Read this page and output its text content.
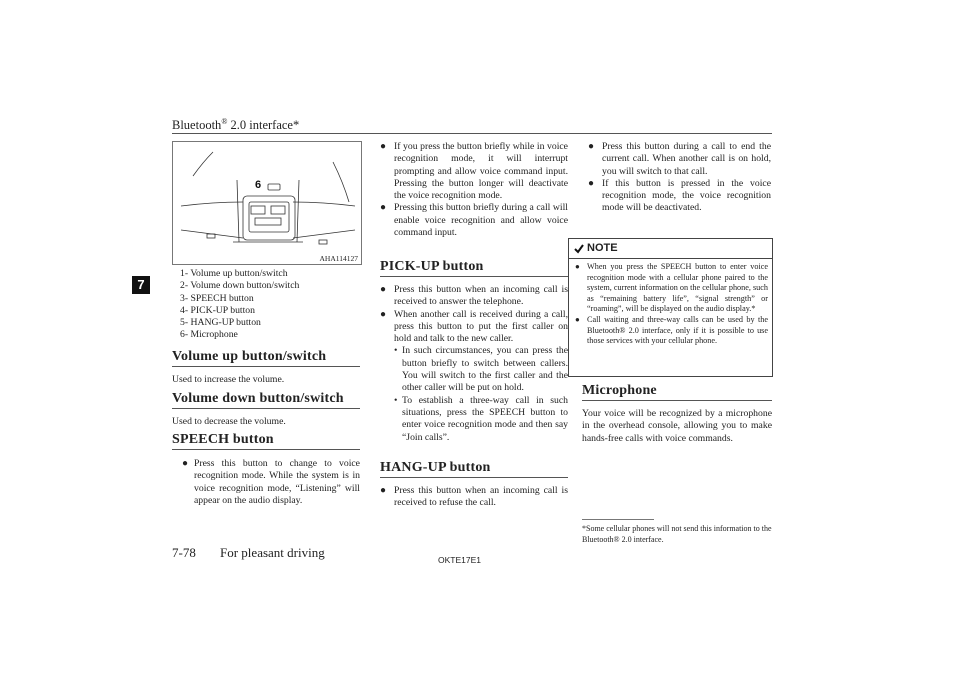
Bluetooth® 2.0 interface*
7
6
AHA114127
1- Volume up button/switch
2- Volume down button/switch
3- SPEECH button
4- PICK-UP button
5- HANG-UP button
6- Microphone
Volume up button/switch
Used to increase the volume.
Volume down button/switch
Used to decrease the volume.
SPEECH button
● Press this button to change to voice recognition mode. While the system is in voice recognition mode, “Listening” will appear on the audio display.
● If you press the button briefly while in voice recognition mode, it will interrupt prompting and allow voice command input. Pressing the button longer will deactivate the voice recognition mode.
● Pressing this button briefly during a call will enable voice recognition and allow voice command input.
PICK-UP button
● Press this button when an incoming call is received to answer the telephone.
● When another call is received during a call, press this button to put the first caller on hold and talk to the new caller.
• In such circumstances, you can press the button briefly to switch between callers. You will switch to the first caller and the other caller will be put on hold.
• To establish a three-way call in such situations, press the SPEECH button to enter voice recognition mode and then say “Join calls”.
HANG-UP button
● Press this button when an incoming call is received to refuse the call.
● Press this button during a call to end the current call. When another call is on hold, you will switch to that call.
● If this button is pressed in the voice recognition mode, the voice recognition mode will be deactivated.
NOTE
● When you press the SPEECH button to enter voice recognition mode with a cellular phone paired to the system, current information on the cellular phone, such as “remaining battery life”, “signal strength” or “roaming”, will be displayed on the audio display.*
● Call waiting and three-way calls can be used by the Bluetooth® 2.0 interface, only if it is possible to use those services with your cellular phone.
Microphone
Your voice will be recognized by a microphone in the overhead console, allowing you to make hands-free calls with voice commands.
*Some cellular phones will not send this information to the Bluetooth® 2.0 interface.
7-78 For pleasant driving	OKTE17E1
